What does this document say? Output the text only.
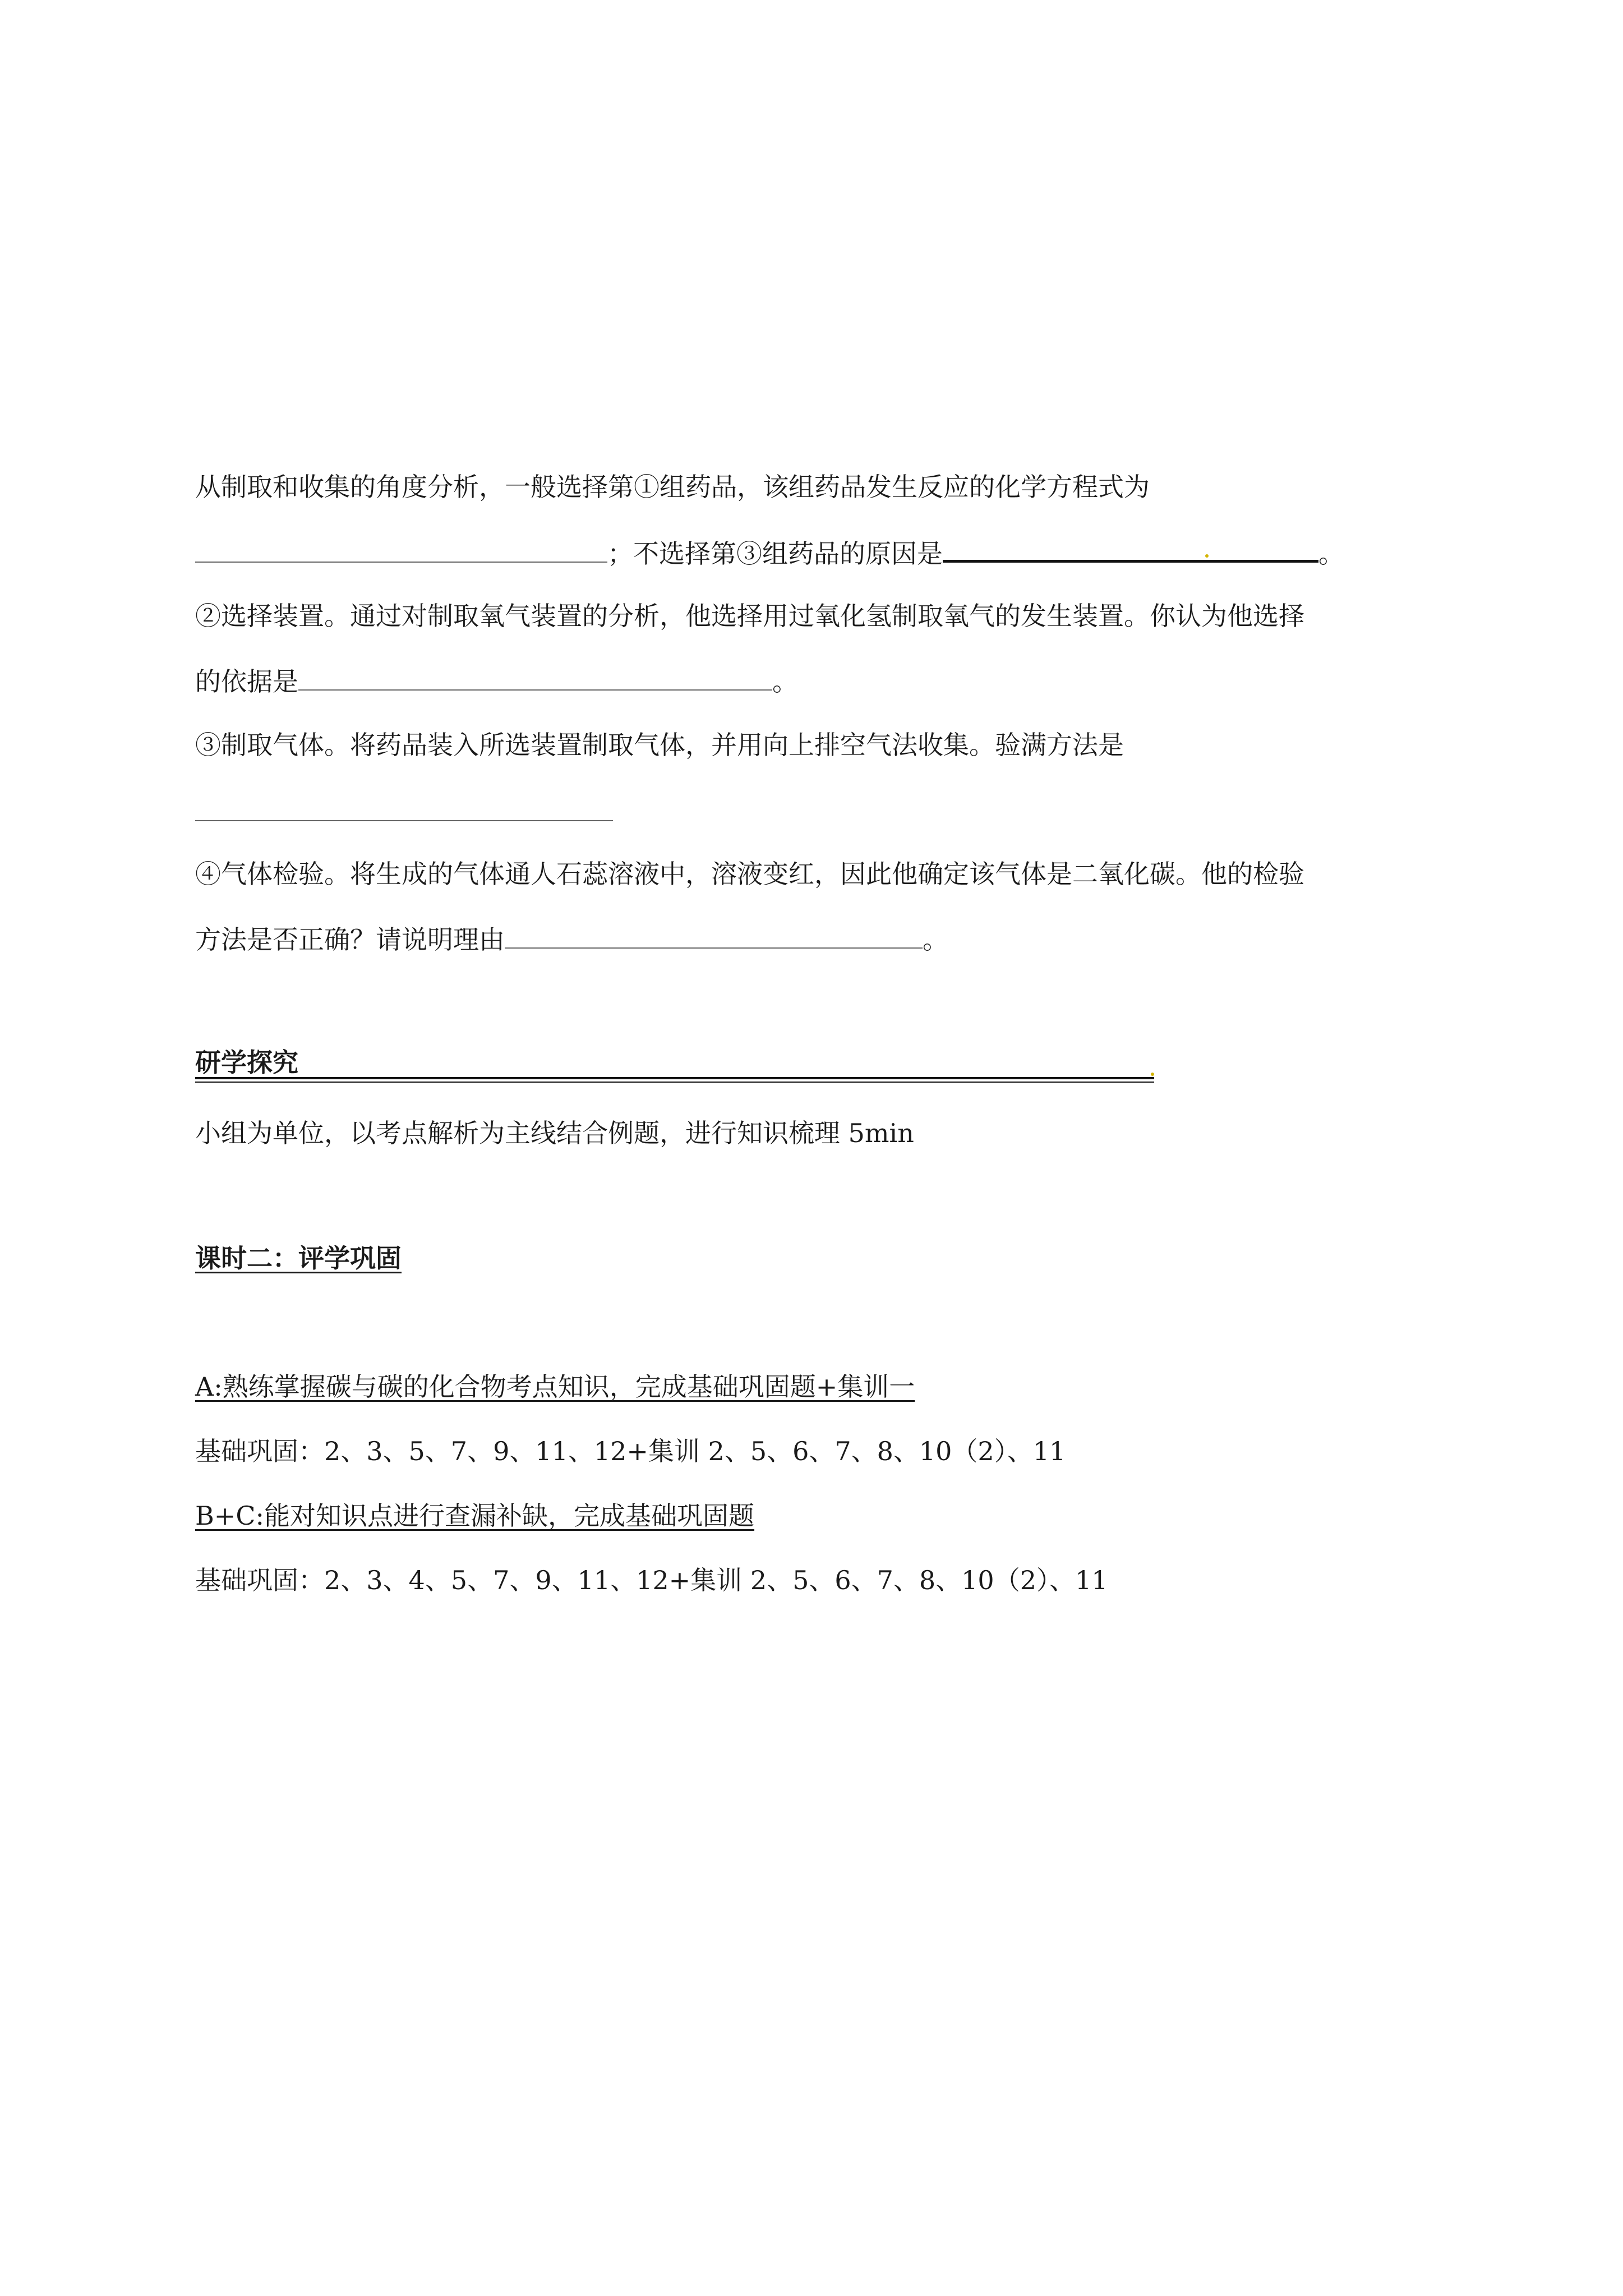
从制取和收集的角度分析，一般选择第①组药品，该组药品发生反应的化学方程式为
；不选择第③组药品的原因是	。
②选择装置。通过对制取氧气装置的分析，他选择用过氧化氢制取氧气的发生装置。你认为他选择
的依据是	。
③制取气体。将药品装入所选装置制取气体，并用向上排空气法收集。验满方法是
④气体检验。将生成的气体通人石蕊溶液中，溶液变红，因此他确定该气体是二氧化碳。他的检验
方法是否正确？请说明理由	。
研学探究
小组为单位，以考点解析为主线结合例题，进行知识梳理 5min
课时二：评学巩固
A:熟练掌握碳与碳的化合物考点知识，完成基础巩固题+集训一
基础巩固：2、3、5、7、9、11、12+集训 2、5、6、7、8、10（2）、11
B+C:能对知识点进行查漏补缺，完成基础巩固题
基础巩固：2、3、4、5、7、9、11、12+集训 2、5、6、7、8、10（2）、11
